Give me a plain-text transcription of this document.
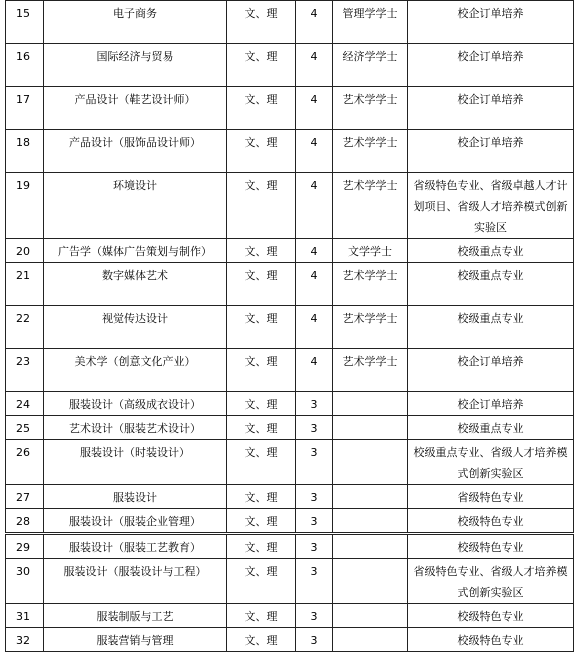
15	电子商务	文、理	4	管理学学士	校企订单培养
16	国际经济与贸易	文、理	4	经济学学士	校企订单培养
17	产品设计（鞋艺设计师）	文、理	4	艺术学学士	校企订单培养
18	产品设计（服饰品设计师）	文、理	4	艺术学学士	校企订单培养
19	环境设计	文、理	4	艺术学学士	省级特色专业、省级卓越人才计划项目、省级人才培养模式创新实验区
20	广告学（媒体广告策划与制作）	文、理	4	文学学士	校级重点专业
21	数字媒体艺术	文、理	4	艺术学学士	校级重点专业
22	视觉传达设计	文、理	4	艺术学学士	校级重点专业
23	美术学（创意文化产业）	文、理	4	艺术学学士	校企订单培养
24	服装设计（高级成衣设计）	文、理	3		校企订单培养
25	艺术设计（服装艺术设计）	文、理	3		校级重点专业
26	服装设计（时装设计）	文、理	3		校级重点专业、省级人才培养模式创新实验区
27	服装设计	文、理	3		省级特色专业
28	服装设计（服装企业管理）	文、理	3		校级特色专业
29	服装设计（服装工艺教育）	文、理	3		校级特色专业
30	服装设计（服装设计与工程）	文、理	3		省级特色专业、省级人才培养模式创新实验区
31	服装制版与工艺	文、理	3		校级特色专业
32	服装营销与管理	文、理	3		校级特色专业
